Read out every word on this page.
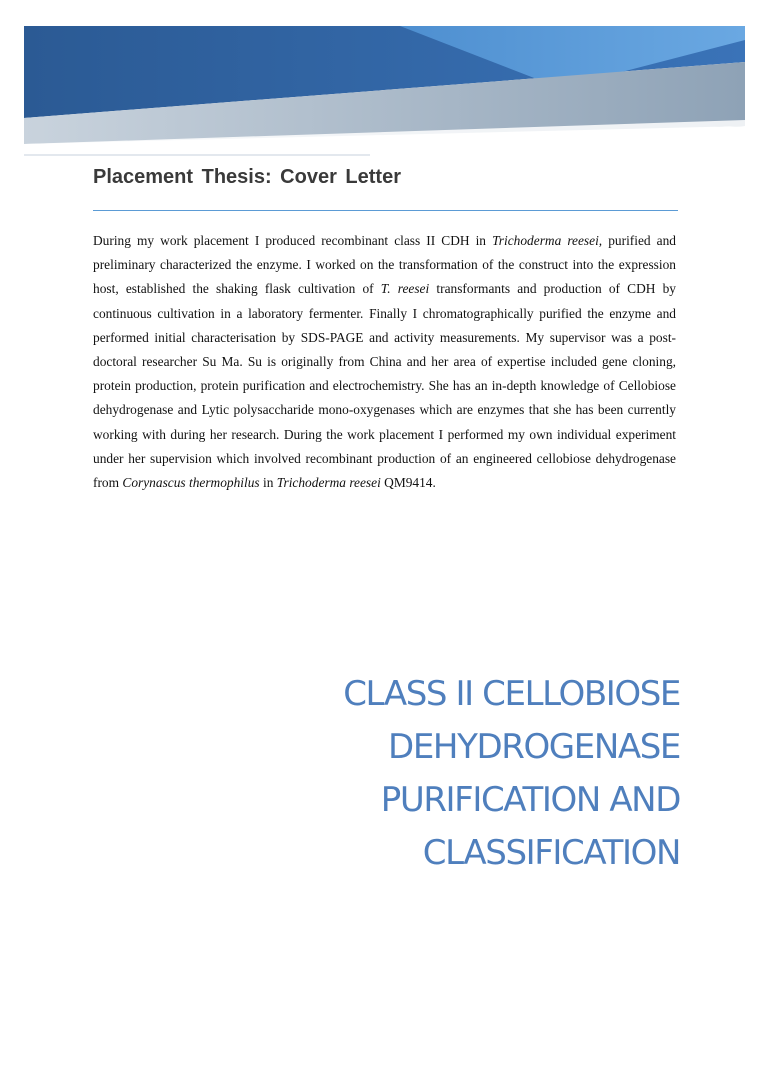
Placement Thesis: Cover Letter

During my work placement I produced recombinant class II CDH in Trichoderma reesei, purified and preliminary characterized the enzyme. I worked on the transformation of the construct into the expression host, established the shaking flask cultivation of T. reesei transformants and production of CDH by continuous cultivation in a laboratory fermenter. Finally I chromatographically purified the enzyme and performed initial characterisation by SDS-PAGE and activity measurements. My supervisor was a post-doctoral researcher Su Ma. Su is originally from China and her area of expertise included gene cloning, protein production, protein purification and electrochemistry. She has an in-depth knowledge of Cellobiose dehydrogenase and Lytic polysaccharide mono-oxygenases which are enzymes that she has been currently working with during her research. During the work placement I performed my own individual experiment under her supervision which involved recombinant production of an engineered cellobiose dehydrogenase from Corynascus thermophilus in Trichoderma reesei QM9414.

CLASS II CELLOBIOSE
DEHYDROGENASE
PURIFICATION AND
CLASSIFICATION
